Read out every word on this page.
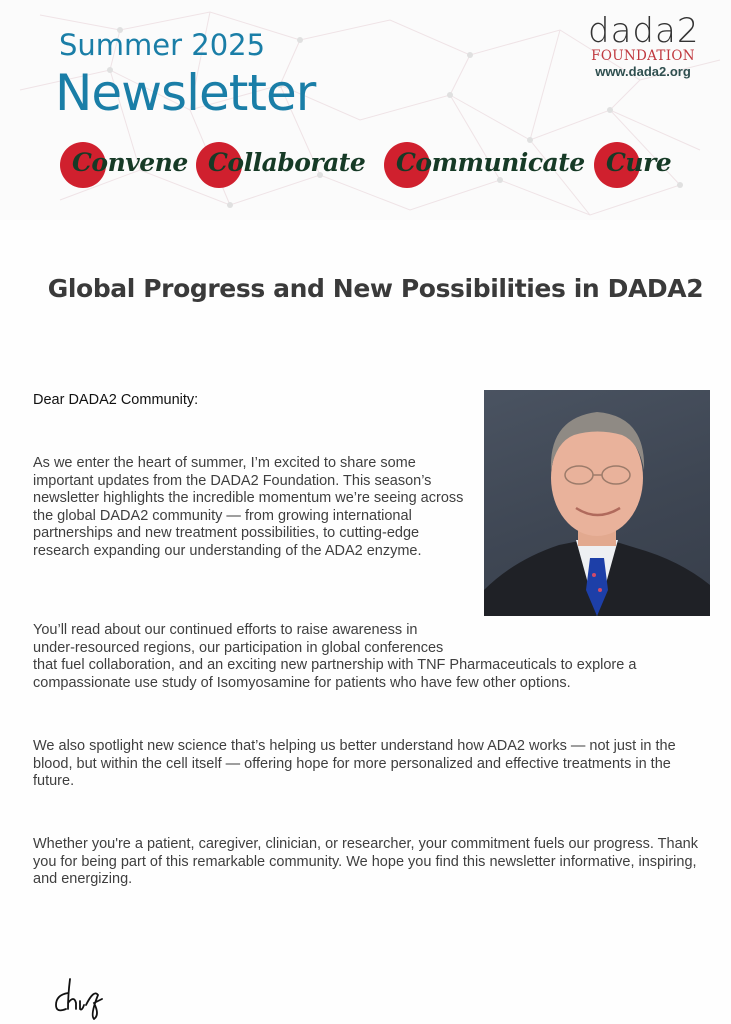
Summer 2025
Newsletter
Convene Collaborate Communicate Cure
dada2
FOUNDATION
www.dada2.org
Global Progress and New Possibilities in DADA2
Dear DADA2 Community:
As we enter the heart of summer, I’m excited to share some important updates from the DADA2 Foundation. This season’s newsletter highlights the incredible momentum we’re seeing across the global DADA2 community — from growing international partnerships and new treatment possibilities, to cutting-edge research expanding our understanding of the ADA2 enzyme.
You’ll read about our continued efforts to raise awareness in
under-resourced regions, our participation in global conferences
that fuel collaboration, and an exciting new partnership with TNF Pharmaceuticals to explore a
compassionate use study of Isomyosamine for patients who have few other options.
We also spotlight new science that’s helping us better understand how ADA2 works — not just in the blood, but within the cell itself — offering hope for more personalized and effective treatments in the future.
Whether you're a patient, caregiver, clinician, or researcher, your commitment fuels our progress. Thank you for being part of this remarkable community. We hope you find this newsletter informative, inspiring, and energizing.
